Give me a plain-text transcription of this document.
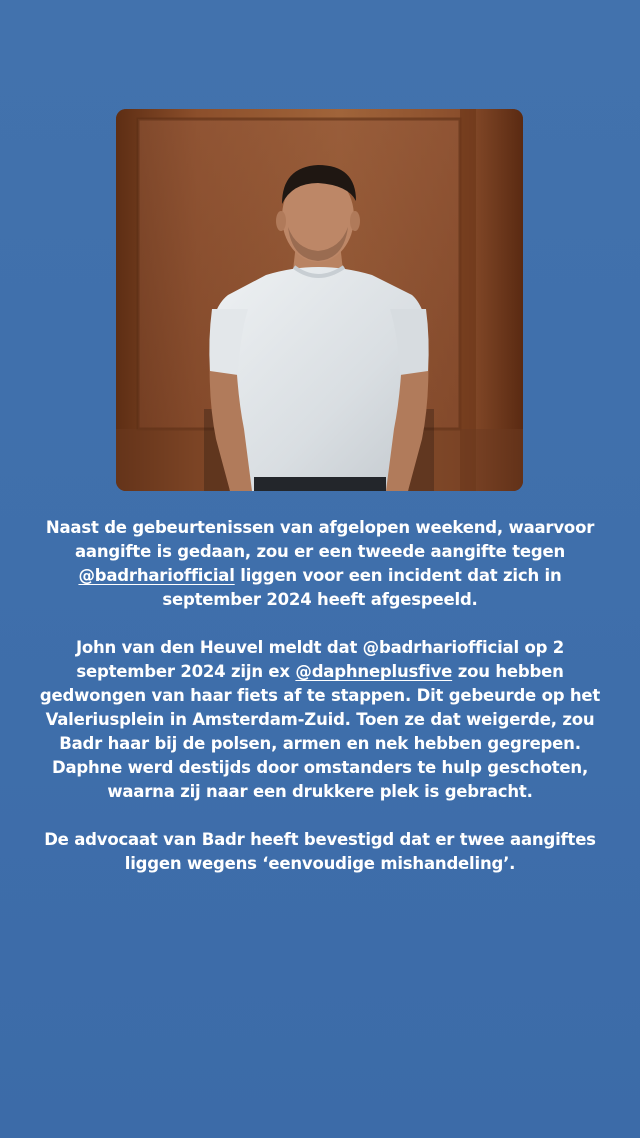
Naast de gebeurtenissen van afgelopen weekend, waarvoor aangifte is gedaan, zou er een tweede aangifte tegen @badrhariofficial liggen voor een incident dat zich in september 2024 heeft afgespeeld.
John van den Heuvel meldt dat @badrhariofficial op 2 september 2024 zijn ex @daphneplusfive zou hebben gedwongen van haar fiets af te stappen. Dit gebeurde op het Valeriusplein in Amsterdam-Zuid. Toen ze dat weigerde, zou Badr haar bij de polsen, armen en nek hebben gegrepen. Daphne werd destijds door omstanders te hulp geschoten, waarna zij naar een drukkere plek is gebracht.
De advocaat van Badr heeft bevestigd dat er twee aangiftes liggen wegens ‘eenvoudige mishandeling’.
